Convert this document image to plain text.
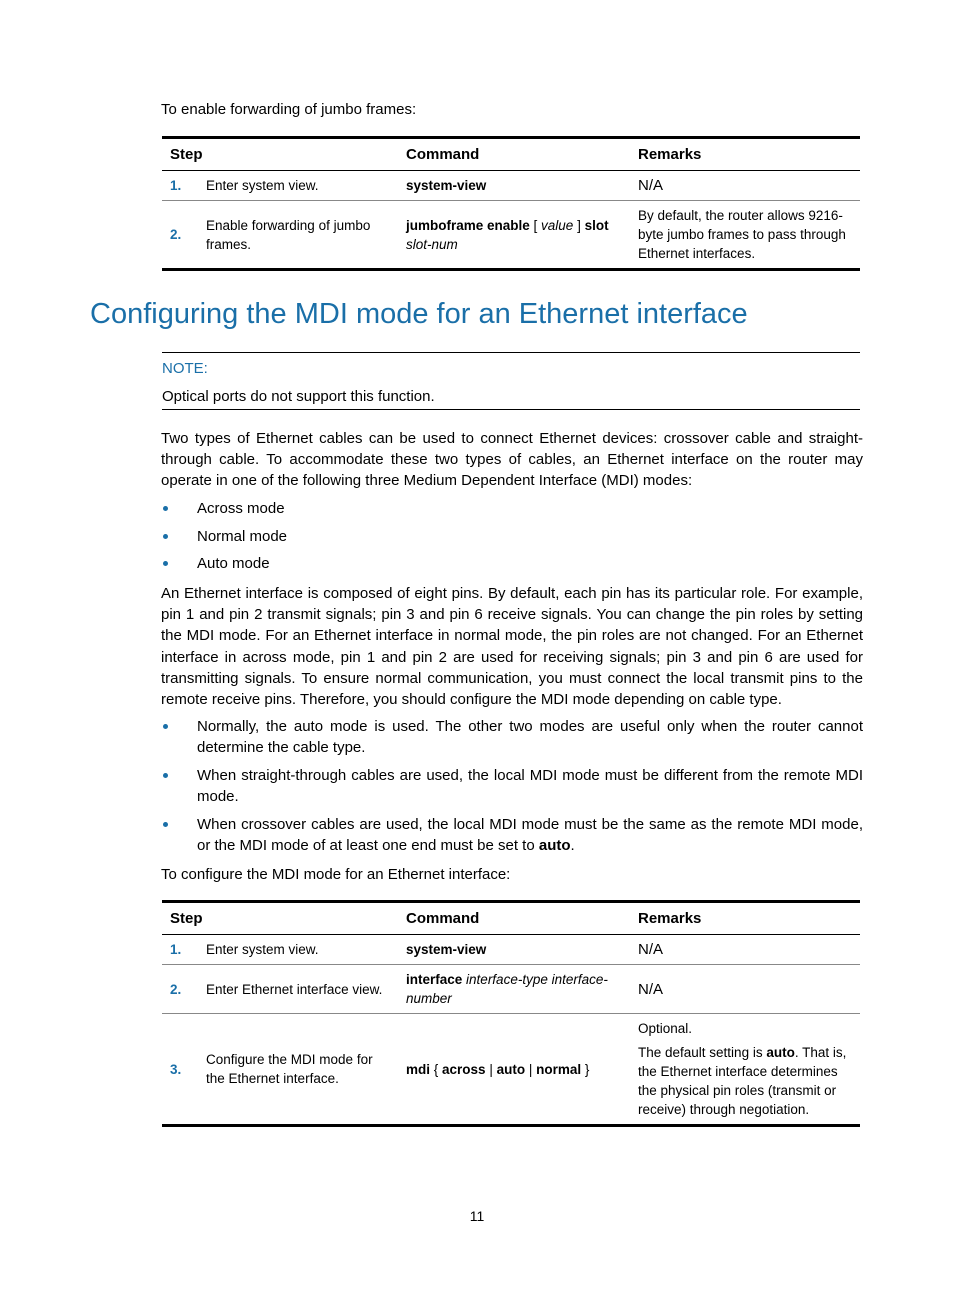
To enable forwarding of jumbo frames:
Step		Command	Remarks
1.	Enter system view.	system-view	N/A
2.	Enable forwarding of jumbo frames.	jumboframe enable [ value ] slot
slot-num	By default, the router allows 9216-byte jumbo frames to pass through Ethernet interfaces.
Configuring the MDI mode for an Ethernet interface
NOTE:
Optical ports do not support this function.

Two types of Ethernet cables can be used to connect Ethernet devices: crossover cable and straight-through cable. To accommodate these two types of cables, an Ethernet interface on the router may operate in one of the following three Medium Dependent Interface (MDI) modes:

Across mode
Normal mode
Auto mode

An Ethernet interface is composed of eight pins. By default, each pin has its particular role. For example, pin 1 and pin 2 transmit signals; pin 3 and pin 6 receive signals. You can change the pin roles by setting the MDI mode. For an Ethernet interface in normal mode, the pin roles are not changed. For an Ethernet interface in across mode, pin 1 and pin 2 are used for receiving signals; pin 3 and pin 6 are used for transmitting signals. To ensure normal communication, you must connect the local transmit pins to the remote receive pins. Therefore, you should configure the MDI mode depending on cable type.

Normally, the auto mode is used. The other two modes are useful only when the router cannot determine the cable type.
When straight-through cables are used, the local MDI mode must be different from the remote MDI mode.
When crossover cables are used, the local MDI mode must be the same as the remote MDI mode, or the MDI mode of at least one end must be set to auto.
To configure the MDI mode for an Ethernet interface:
Step		Command	Remarks
1.	Enter system view.	system-view	N/A
2.	Enter Ethernet interface view.	interface interface-type interface-number	N/A
3.	Configure the MDI mode for the Ethernet interface.	mdi { across | auto | normal }	Optional.
The default setting is auto. That is, the Ethernet interface determines the physical pin roles (transmit or receive) through negotiation.
11
